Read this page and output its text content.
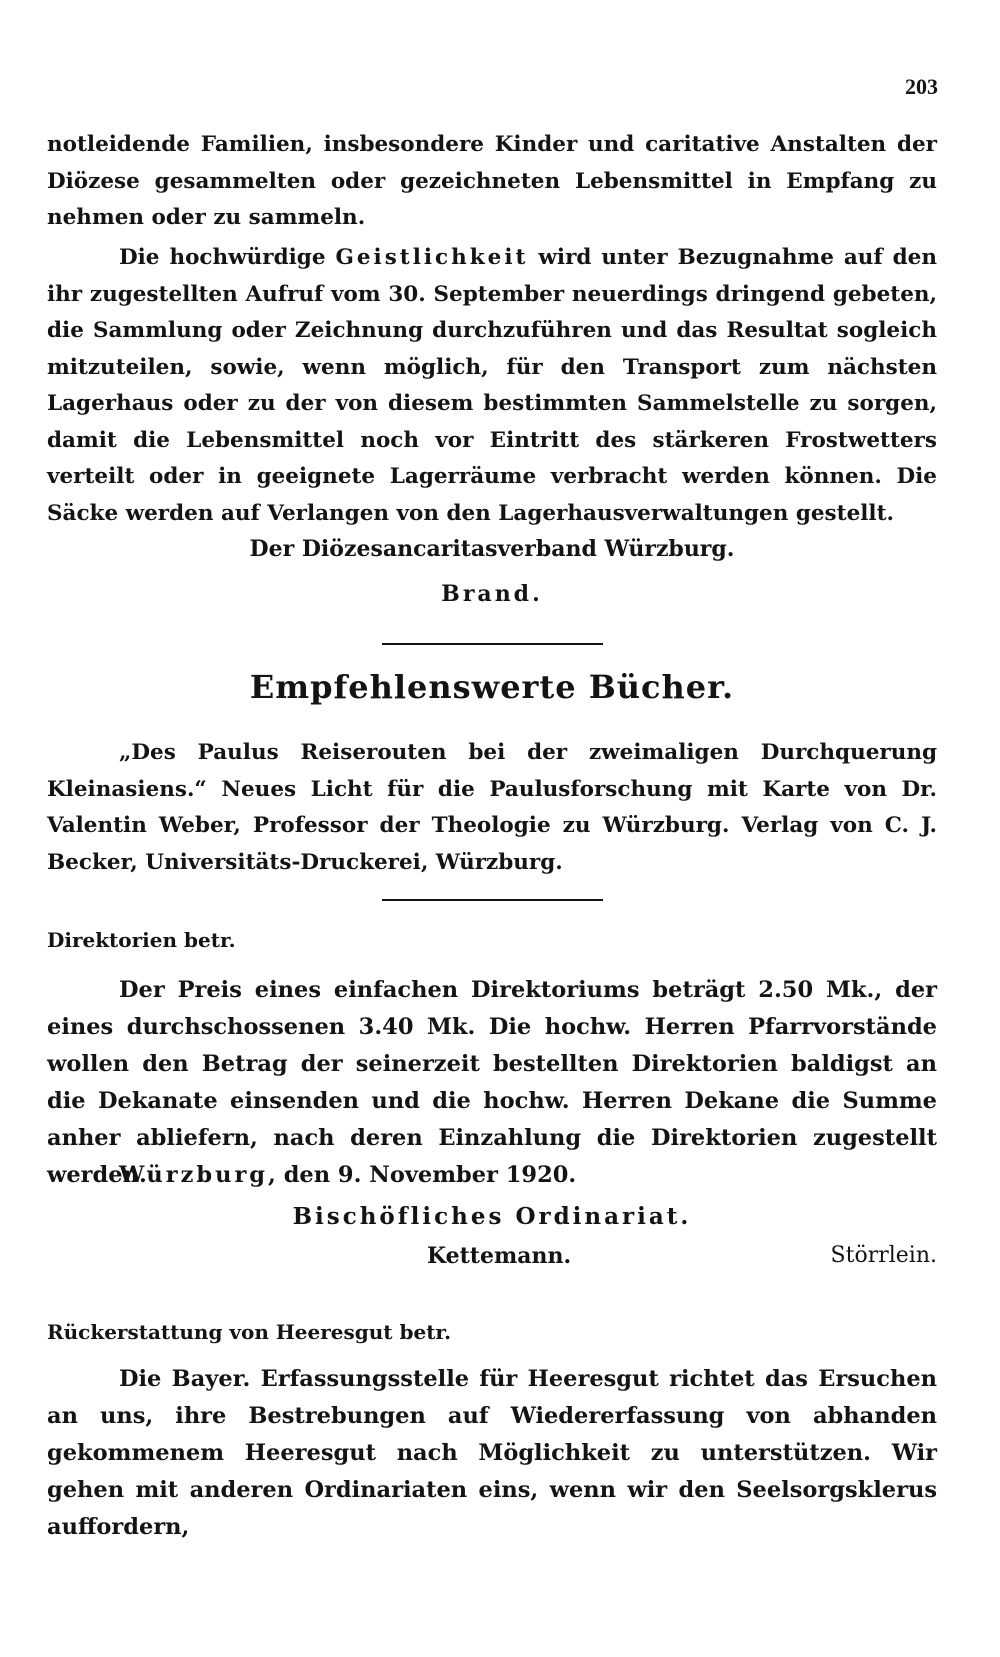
203

notleidende Familien, insbesondere Kinder und caritative Anstalten der Diözese gesammelten oder gezeichneten Lebensmittel in Empfang zu nehmen oder zu sammeln.

Die hochwürdige Geistlichkeit wird unter Bezugnahme auf den ihr zugestellten Aufruf vom 30. September neuerdings dringend gebeten, die Sammlung oder Zeichnung durchzuführen und das Resultat sogleich mitzuteilen, sowie, wenn möglich, für den Transport zum nächsten Lagerhaus oder zu der von diesem bestimmten Sammelstelle zu sorgen, damit die Lebensmittel noch vor Eintritt des stärkeren Frostwetters verteilt oder in geeignete Lagerräume verbracht werden können. Die Säcke werden auf Verlangen von den Lagerhausverwaltungen gestellt.

Der Diözesancaritasverband Würzburg.
Brand.
Empfehlenswerte Bücher.

„Des Paulus Reiserouten bei der zweimaligen Durchquerung Kleinasiens.“ Neues Licht für die Paulusforschung mit Karte von Dr. Valentin Weber, Professor der Theologie zu Würzburg. Verlag von C. J. Becker, Universitäts-Druckerei, Würzburg.

Direktorien betr.

Der Preis eines einfachen Direktoriums beträgt 2.50 Mk., der eines durchschossenen 3.40 Mk. Die hochw. Herren Pfarrvorstände wollen den Betrag der seinerzeit bestellten Direktorien baldigst an die Dekanate einsenden und die hochw. Herren Dekane die Summe anher abliefern, nach deren Einzahlung die Direktorien zugestellt werden.

Würzburg, den 9. November 1920.
Bischöfliches Ordinariat.
Kettemann.	Störrlein.
Rückerstattung von Heeresgut betr.

Die Bayer. Erfassungsstelle für Heeresgut richtet das Ersuchen an uns, ihre Bestrebungen auf Wiedererfassung von abhanden gekommenem Heeresgut nach Möglichkeit zu unterstützen. Wir gehen mit anderen Ordinariaten eins, wenn wir den Seelsorgsklerus auffordern,
